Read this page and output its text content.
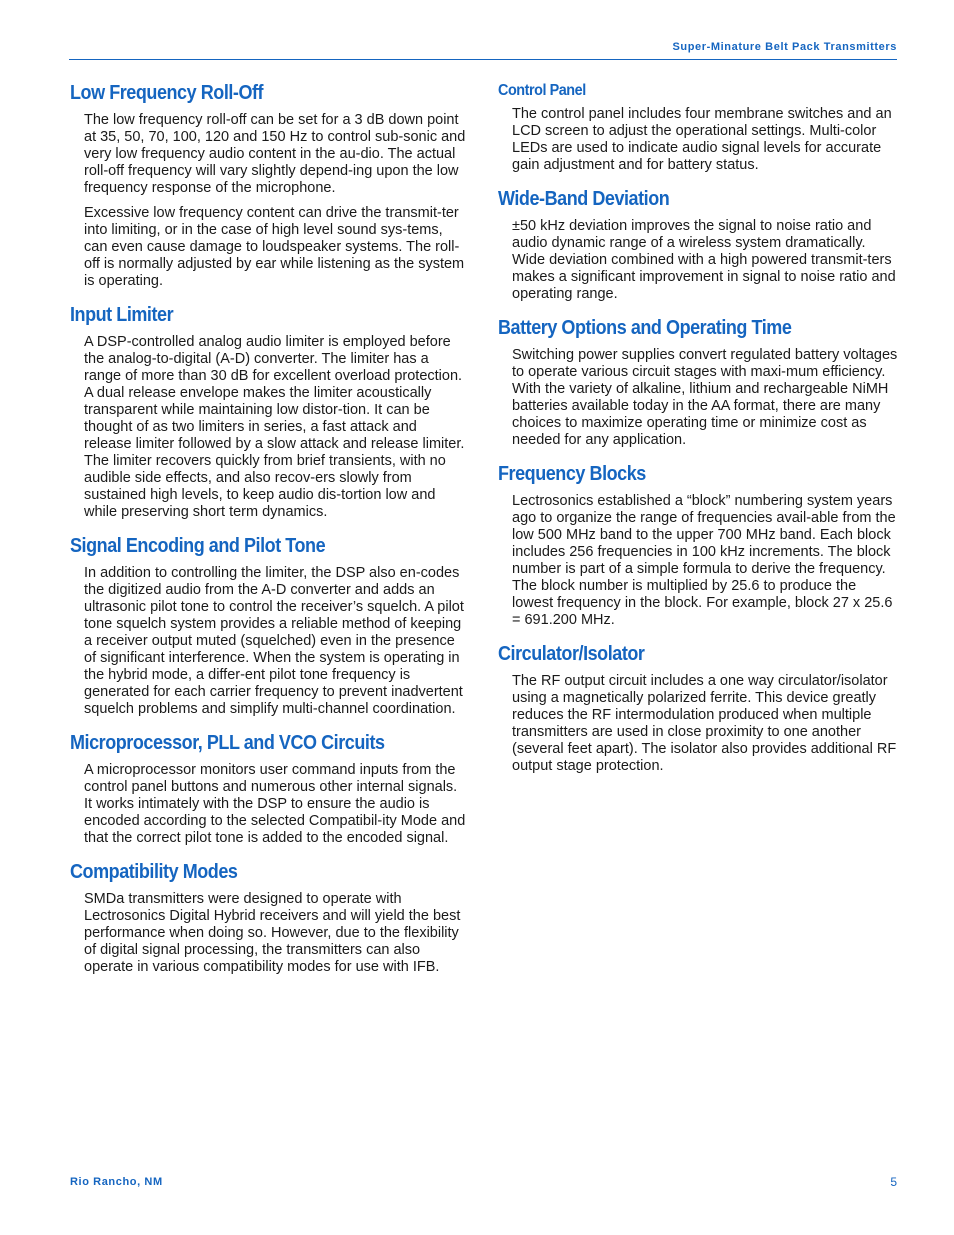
Super-Minature Belt Pack Transmitters
Low Frequency Roll-Off

The low frequency roll-off can be set for a 3 dB down point at 35, 50, 70, 100, 120 and 150 Hz to control sub-sonic and very low frequency audio content in the au-dio. The actual roll-off frequency will vary slightly depend-ing upon the low frequency response of the microphone.

Excessive low frequency content can drive the transmit-ter into limiting, or in the case of high level sound sys-tems, can even cause damage to loudspeaker systems. The roll-off is normally adjusted by ear while listening as the system is operating.

Input Limiter

A DSP-controlled analog audio limiter is employed before the analog-to-digital (A-D) converter. The limiter has a range of more than 30 dB for excellent overload protection. A dual release envelope makes the limiter acoustically transparent while maintaining low distor-tion. It can be thought of as two limiters in series, a fast attack and release limiter followed by a slow attack and release limiter. The limiter recovers quickly from brief transients, with no audible side effects, and also recov-ers slowly from sustained high levels, to keep audio dis-tortion low and while preserving short term dynamics.

Signal Encoding and Pilot Tone

In addition to controlling the limiter, the DSP also en-codes the digitized audio from the A-D converter and adds an ultrasonic pilot tone to control the receiver’s squelch. A pilot tone squelch system provides a reliable method of keeping a receiver output muted (squelched) even in the presence of significant interference. When the system is operating in the hybrid mode, a differ-ent pilot tone frequency is generated for each carrier frequency to prevent inadvertent squelch problems and simplify multi-channel coordination.

Microprocessor, PLL and VCO Circuits

A microprocessor monitors user command inputs from the control panel buttons and numerous other internal signals. It works intimately with the DSP to ensure the audio is encoded according to the selected Compatibil-ity Mode and that the correct pilot tone is added to the encoded signal.

Compatibility Modes

SMDa transmitters were designed to operate with Lectrosonics Digital Hybrid receivers and will yield the best performance when doing so. However, due to the flexibility of digital signal processing, the transmitters can also operate in various compatibility modes for use with IFB.

Control Panel

The control panel includes four membrane switches and an LCD screen to adjust the operational settings. Multi-color LEDs are used to indicate audio signal levels for accurate gain adjustment and for battery status.

Wide-Band Deviation

±50 kHz deviation improves the signal to noise ratio and audio dynamic range of a wireless system dramatically. Wide deviation combined with a high powered transmit-ters makes a significant improvement in signal to noise ratio and operating range.

Battery Options and Operating Time

Switching power supplies convert regulated battery voltages to operate various circuit stages with maxi-mum efficiency. With the variety of alkaline, lithium and rechargeable NiMH batteries available today in the AA format, there are many choices to maximize operating time or minimize cost as needed for any application.

Frequency Blocks

Lectrosonics established a “block” numbering system years ago to organize the range of frequencies avail-able from the low 500 MHz band to the upper 700 MHz band. Each block includes 256 frequencies in 100 kHz increments. The block number is part of a simple formula to derive the frequency. The block number is multiplied by 25.6 to produce the lowest frequency in the block. For example, block 27 x 25.6 = 691.200 MHz.

Circulator/Isolator

The RF output circuit includes a one way circulator/isolator using a magnetically polarized ferrite. This device greatly reduces the RF intermodulation produced when multiple transmitters are used in close proximity to one another (several feet apart). The isolator also provides additional RF output stage protection.

Rio Rancho, NM	5
